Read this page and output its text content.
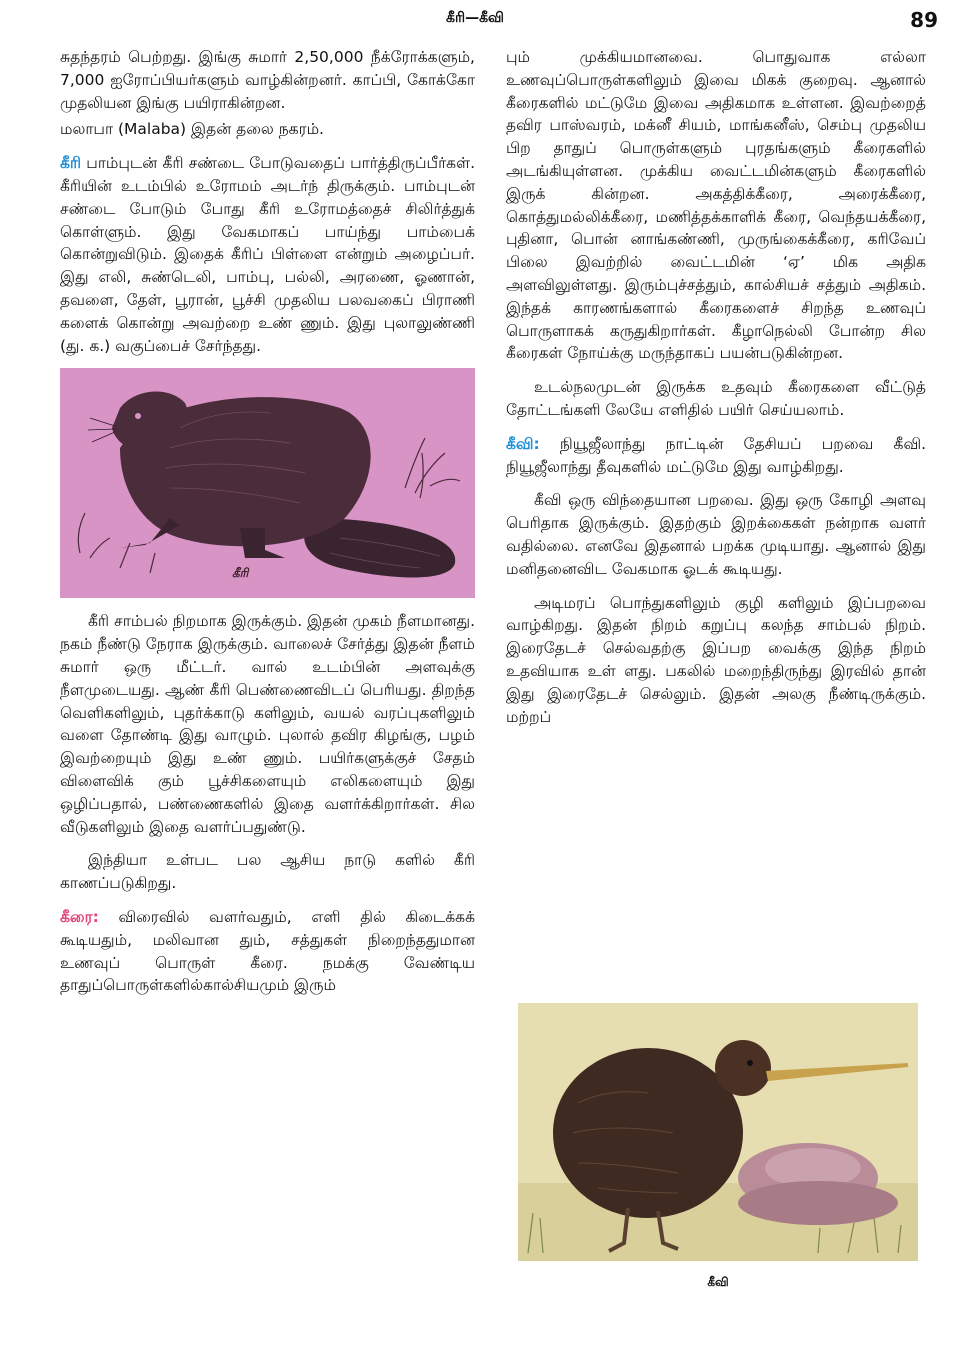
கீரி—கீவி	89

சுதந்தரம் பெற்றது. இங்கு சுமார் 2,50,000 நீக்ரோக்களும், 7,000 ஐரோப்பியர்களும் வாழ்கின்றனர். காப்பி, கோக்கோ முதலியன இங்கு பயிராகின்றன.

மலாபா (Malaba) இதன் தலை நகரம்.

கீரி பாம்புடன் கீரி சண்டை போடுவதைப் பார்த்திருப்பீர்கள். கீரியின் உடம்பில் உரோமம் அடர்ந் திருக்கும். பாம்புடன் சண்டை போடும் போது கீரி உரோமத்தைச் சிலிர்த்துக் கொள்ளும். இது வேகமாகப் பாய்ந்து பாம்பைக் கொன்றுவிடும். இதைக் கீரிப் பிள்ளை என்றும் அழைப்பர். இது எலி, சுண்டெலி, பாம்பு, பல்லி, அரணை, ஓணான், தவளை, தேள், பூரான், பூச்சி முதலிய பலவகைப் பிராணி களைக் கொன்று அவற்றை உண் ணும். இது புலாலுண்ணி (து. க.) வகுப்பைச் சேர்ந்தது.

கீரி

கீரி சாம்பல் நிறமாக இருக்கும். இதன் முகம் நீளமானது. நகம் நீண்டு நேராக இருக்கும். வாலைச் சேர்த்து இதன் நீளம் சுமார் ஒரு மீட்டர். வால் உடம்பின் அளவுக்கு நீளமுடையது. ஆண் கீரி பெண்ணைவிடப் பெரியது. திறந்த வெளிகளிலும், புதர்க்காடு களிலும், வயல் வரப்புகளிலும் வளை தோண்டி இது வாழும். புலால் தவிர கிழங்கு, பழம் இவற்றையும் இது உண் ணும். பயிர்களுக்குச் சேதம் விளைவிக் கும் பூச்சிகளையும் எலிகளையும் இது ஒழிப்பதால், பண்ணைகளில் இதை வளர்க்கிறார்கள். சில வீடுகளிலும் இதை வளர்ப்பதுண்டு.

இந்தியா உள்பட பல ஆசிய நாடு களில் கீரி காணப்படுகிறது.

கீரை: விரைவில் வளர்வதும், எளி தில் கிடைக்கக் கூடியதும், மலிவான தும், சத்துகள் நிறைந்ததுமான உணவுப் பொருள் கீரை. நமக்கு வேண்டிய தாதுப்பொருள்களில்கால்சியமும் இரும்

பும் முக்கியமானவை. பொதுவாக எல்லா உணவுப்பொருள்களிலும் இவை மிகக் குறைவு. ஆனால் கீரைகளில் மட்டுமே இவை அதிகமாக உள்ளன. இவற்றைத் தவிர பாஸ்வரம், மக்னீ சியம், மாங்கனீஸ், செம்பு முதலிய பிற தாதுப் பொருள்களும் புரதங்களும் கீரைகளில் அடங்கியுள்ளன. முக்கிய வைட்டமின்களும் கீரைகளில் இருக் கின்றன. அகத்திக்கீரை, அரைக்கீரை, கொத்துமல்லிக்கீரை, மணித்தக்காளிக் கீரை, வெந்தயக்கீரை, புதினா, பொன் னாங்கண்ணி, முருங்கைக்கீரை, கரிவேப் பிலை இவற்றில் வைட்டமின் ‘ஏ’ மிக அதிக அளவிலுள்ளது. இரும்புச்சத்தும், கால்சியச் சத்தும் அதிகம். இந்தக் காரணங்களால் கீரைகளைச் சிறந்த உணவுப் பொருளாகக் கருதுகிறார்கள். கீழாநெல்லி போன்ற சில கீரைகள் நோய்க்கு மருந்தாகப் பயன்படுகின்றன.

உடல்நலமுடன் இருக்க உதவும் கீரைகளை வீட்டுத் தோட்டங்களி லேயே எளிதில் பயிர் செய்யலாம்.

கீவி: நியூஜீலாந்து நாட்டின் தேசியப் பறவை கீவி. நியூஜீலாந்து தீவுகளில் மட்டுமே இது வாழ்கிறது.

கீவி ஒரு விந்தையான பறவை. இது ஒரு கோழி அளவு பெரிதாக இருக்கும். இதற்கும் இறக்கைகள் நன்றாக வளர் வதில்லை. எனவே இதனால் பறக்க முடியாது. ஆனால் இது மனிதனைவிட வேகமாக ஓடக் கூடியது.

அடிமரப் பொந்துகளிலும் குழி களிலும் இப்பறவை வாழ்கிறது. இதன் நிறம் கறுப்பு கலந்த சாம்பல் நிறம். இரைதேடச் செல்வதற்கு இப்பற வைக்கு இந்த நிறம் உதவியாக உள் ளது. பகலில் மறைந்திருந்து இரவில் தான் இது இரைதேடச் செல்லும். இதன் அலகு நீண்டிருக்கும். மற்றப்

கீவி
